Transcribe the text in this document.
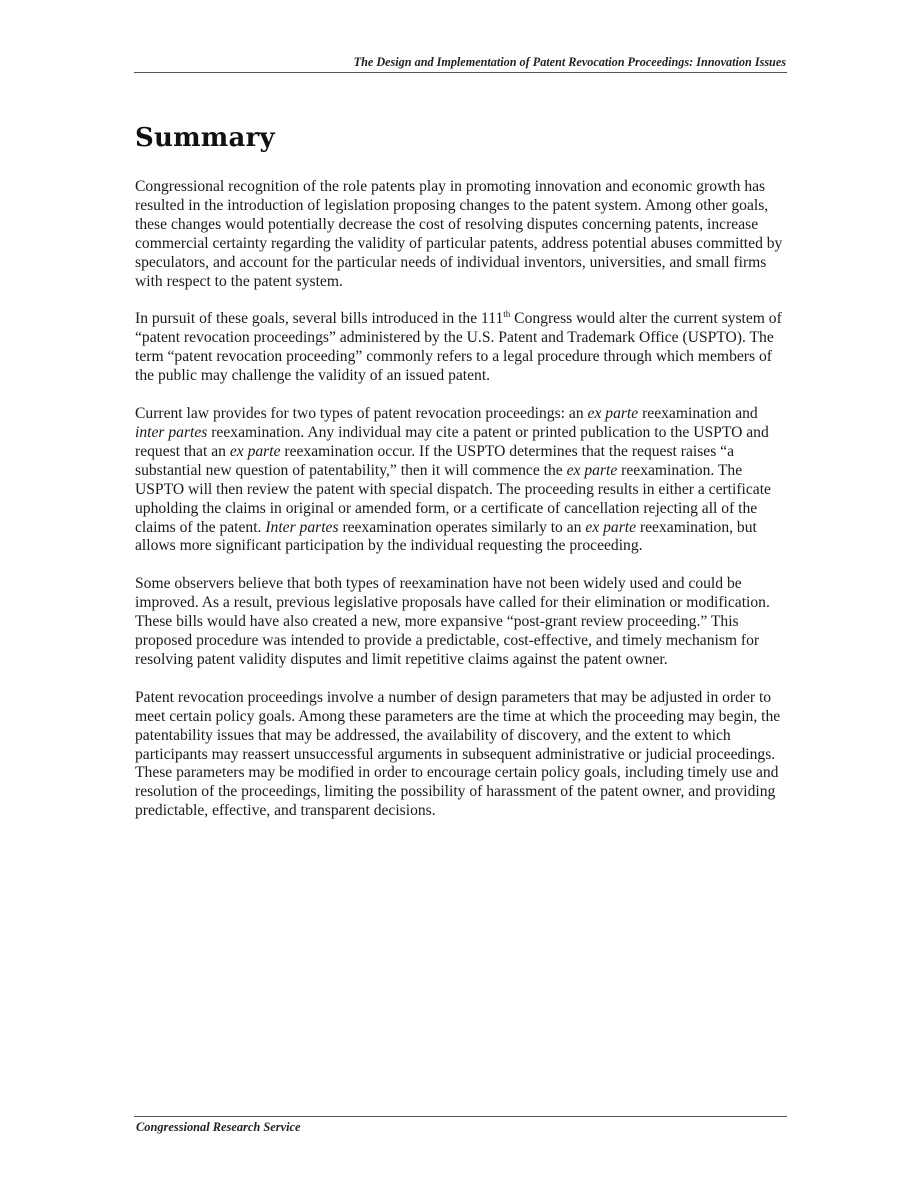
The Design and Implementation of Patent Revocation Proceedings: Innovation Issues
Summary

Congressional recognition of the role patents play in promoting innovation and economic growth has resulted in the introduction of legislation proposing changes to the patent system. Among other goals, these changes would potentially decrease the cost of resolving disputes concerning patents, increase commercial certainty regarding the validity of particular patents, address potential abuses committed by speculators, and account for the particular needs of individual inventors, universities, and small firms with respect to the patent system.

In pursuit of these goals, several bills introduced in the 111th Congress would alter the current system of “patent revocation proceedings” administered by the U.S. Patent and Trademark Office (USPTO). The term “patent revocation proceeding” commonly refers to a legal procedure through which members of the public may challenge the validity of an issued patent.

Current law provides for two types of patent revocation proceedings: an ex parte reexamination and inter partes reexamination. Any individual may cite a patent or printed publication to the USPTO and request that an ex parte reexamination occur. If the USPTO determines that the request raises “a substantial new question of patentability,” then it will commence the ex parte reexamination. The USPTO will then review the patent with special dispatch. The proceeding results in either a certificate upholding the claims in original or amended form, or a certificate of cancellation rejecting all of the claims of the patent. Inter partes reexamination operates similarly to an ex parte reexamination, but allows more significant participation by the individual requesting the proceeding.

Some observers believe that both types of reexamination have not been widely used and could be improved. As a result, previous legislative proposals have called for their elimination or modification. These bills would have also created a new, more expansive “post-grant review proceeding.” This proposed procedure was intended to provide a predictable, cost-effective, and timely mechanism for resolving patent validity disputes and limit repetitive claims against the patent owner.

Patent revocation proceedings involve a number of design parameters that may be adjusted in order to meet certain policy goals. Among these parameters are the time at which the proceeding may begin, the patentability issues that may be addressed, the availability of discovery, and the extent to which participants may reassert unsuccessful arguments in subsequent administrative or judicial proceedings. These parameters may be modified in order to encourage certain policy goals, including timely use and resolution of the proceedings, limiting the possibility of harassment of the patent owner, and providing predictable, effective, and transparent decisions.

Congressional Research Service
